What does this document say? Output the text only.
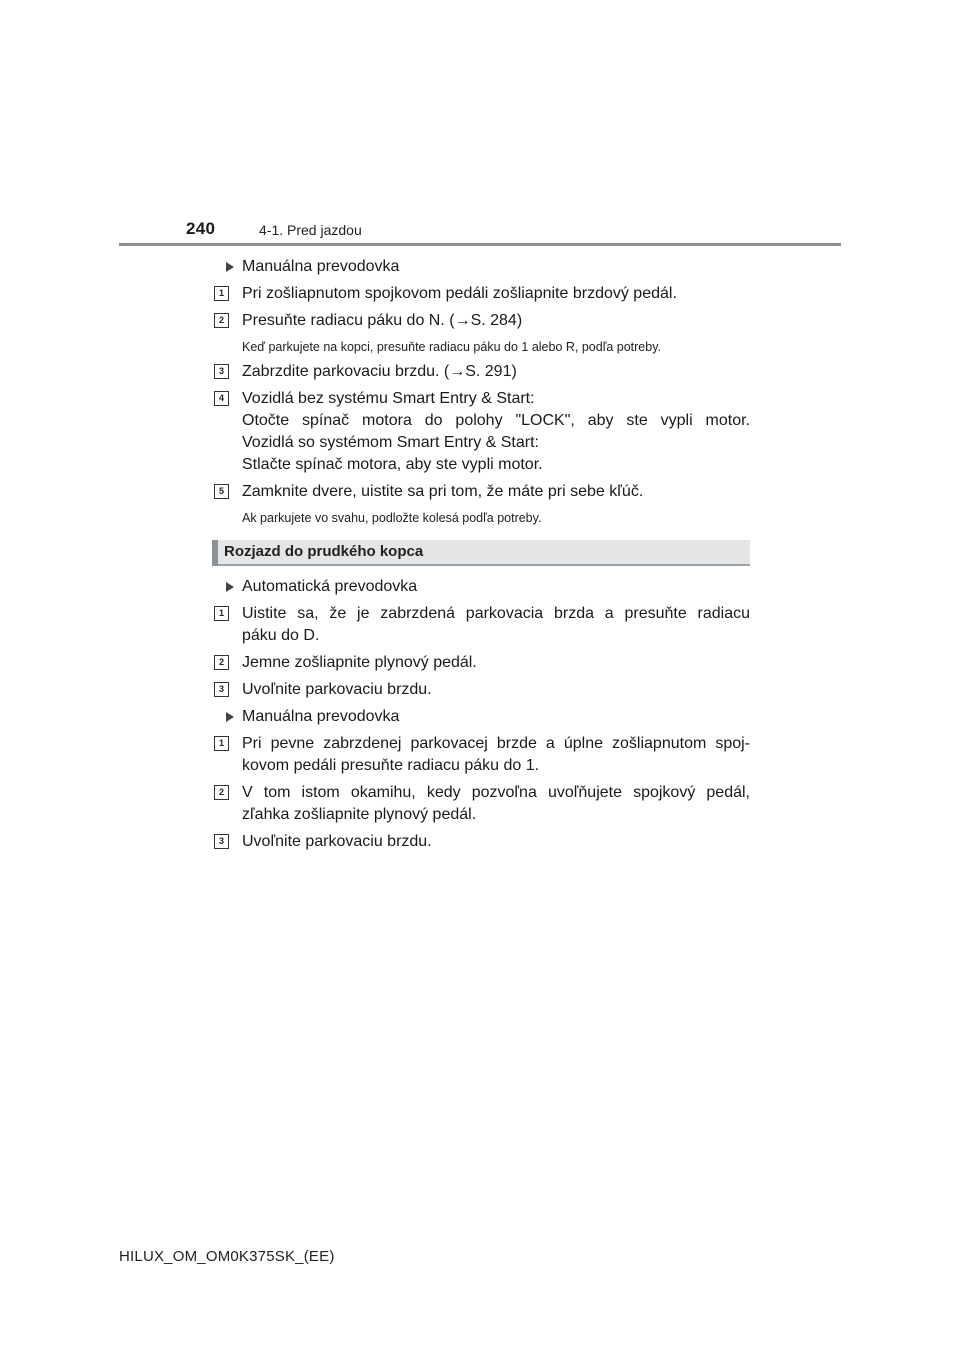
240	4-1. Pred jazdou
Manuálna prevodovka
1	Pri zošliapnutom spojkovom pedáli zošliapnite brzdový pedál.
2	Presuňte radiacu páku do N. (→S. 284)
Keď parkujete na kopci, presuňte radiacu páku do 1 alebo R, podľa potreby.
3	Zabrzdite parkovaciu brzdu. (→S. 291)
4	Vozidlá bez systému Smart Entry & Start:
Otočte spínač motora do polohy "LOCK", aby ste vypli motor.
Vozidlá so systémom Smart Entry & Start:
Stlačte spínač motora, aby ste vypli motor.
5	Zamknite dvere, uistite sa pri tom, že máte pri sebe kľúč.
Ak parkujete vo svahu, podložte kolesá podľa potreby.
Rozjazd do prudkého kopca
Automatická prevodovka
1	Uistite sa, že je zabrzdená parkovacia brzda a presuňte radiacu
páku do D.
2	Jemne zošliapnite plynový pedál.
3	Uvoľnite parkovaciu brzdu.
Manuálna prevodovka
1	Pri pevne zabrzdenej parkovacej brzde a úplne zošliapnutom spoj-
kovom pedáli presuňte radiacu páku do 1.
2	V tom istom okamihu, kedy pozvoľna uvoľňujete spojkový pedál,
zľahka zošliapnite plynový pedál.
3	Uvoľnite parkovaciu brzdu.
HILUX_OM_OM0K375SK_(EE)
